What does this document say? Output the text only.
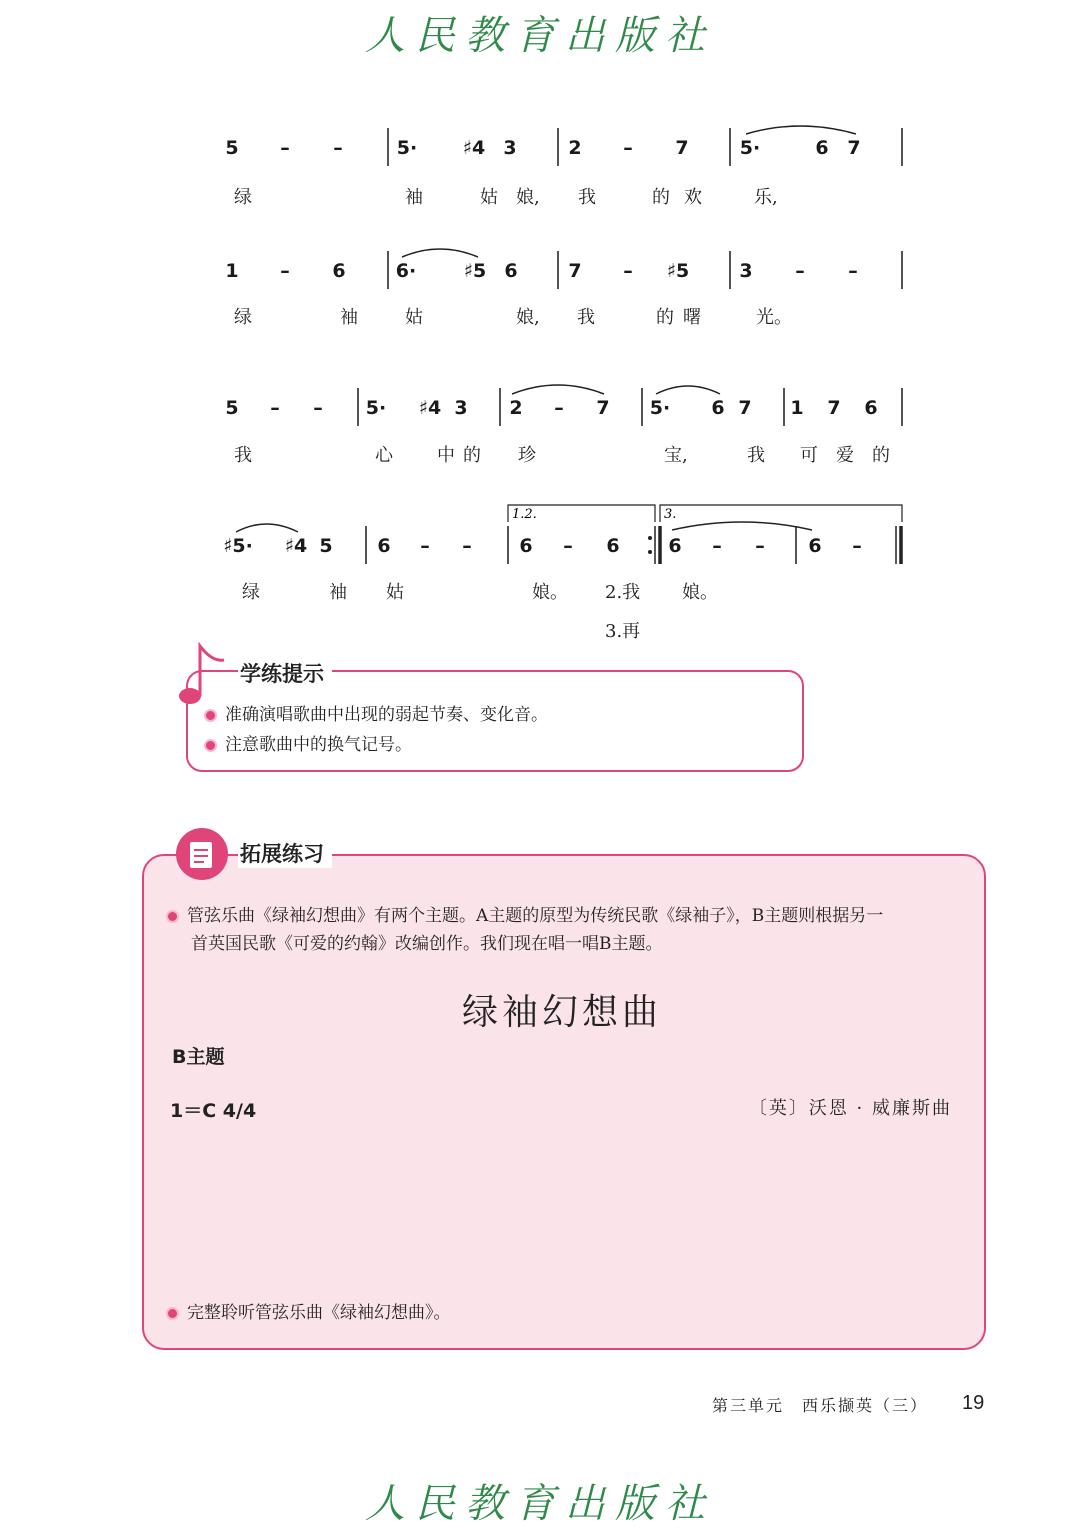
人民教育出版社
1.2.	3.
5 – –	5· ♯4 3	2 – 7	5·	6 7
绿	袖	姑 娘, 我	的 欢	乐,
1 – 6	6·	♯5 6	7 – ♯5	3 – –
绿	袖	姑	娘, 我	的 曙	光。
5 – – 5· ♯4 3 2 – 7 5· 6 7 1 7 6
我	心 中 的 珍	宝,	我 可 爱 的
♯5· ♯4 5 6 – –	6 – 6	6 – – 6 –
绿	袖 姑	娘。 2.我 娘。
3.再
学练提示
准确演唱歌曲中出现的弱起节奏、变化音。
注意歌曲中的换气记号。
拓展练习
管弦乐曲《绿袖幻想曲》有两个主题。A主题的原型为传统民歌《绿袖子》，B主题则根据另一
首英国民歌《可爱的约翰》改编创作。我们现在唱一唱B主题。
绿袖幻想曲
B主题
1＝C 4/4	〔英〕沃恩 · 威廉斯曲
完整聆听管弦乐曲《绿袖幻想曲》。
第三单元　西乐撷英（三） 19
人民教育出版社
